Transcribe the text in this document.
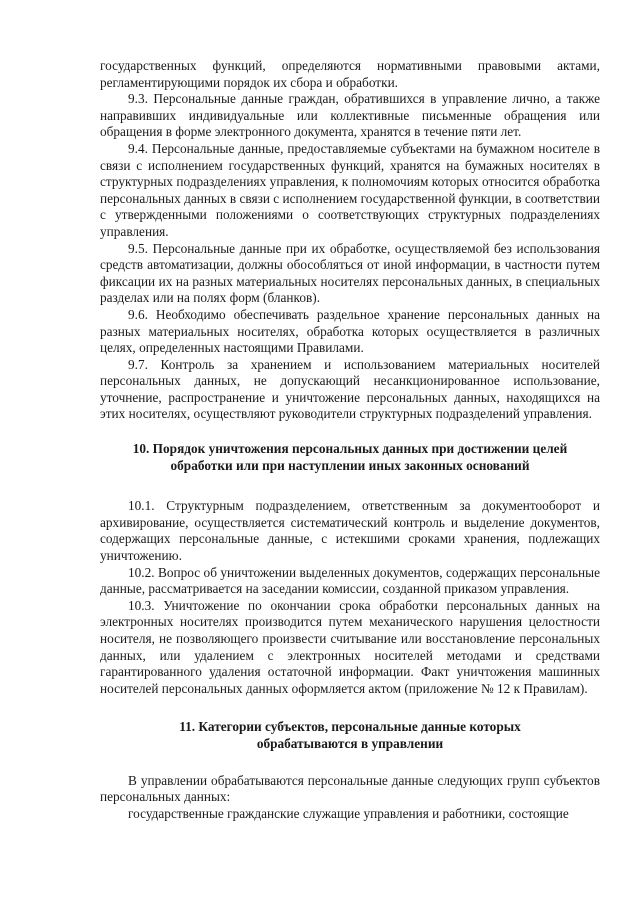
государственных функций, определяются нормативными правовыми актами, регламентирующими порядок их сбора и обработки.

9.3. Персональные данные граждан, обратившихся в управление лично, а также направивших индивидуальные или коллективные письменные обращения или обращения в форме электронного документа, хранятся в течение пяти лет.

9.4. Персональные данные, предоставляемые субъектами на бумажном носителе в связи с исполнением государственных функций, хранятся на бумажных носителях в структурных подразделениях управления, к полномочиям которых относится обработка персональных данных в связи с исполнением государственной функции, в соответствии с утвержденными положениями о соответствующих структурных подразделениях управления.

9.5. Персональные данные при их обработке, осуществляемой без использования средств автоматизации, должны обособляться от иной информации, в частности путем фиксации их на разных материальных носителях персональных данных, в специальных разделах или на полях форм (бланков).

9.6. Необходимо обеспечивать раздельное хранение персональных данных на разных материальных носителях, обработка которых осуществляется в различных целях, определенных настоящими Правилами.

9.7. Контроль за хранением и использованием материальных носителей персональных данных, не допускающий несанкционированное использование, уточнение, распространение и уничтожение персональных данных, находящихся на этих носителях, осуществляют руководители структурных подразделений управления.

10. Порядок уничтожения персональных данных при достижении целей обработки или при наступлении иных законных оснований

10.1. Структурным подразделением, ответственным за документооборот и архивирование, осуществляется систематический контроль и выделение документов, содержащих персональные данные, с истекшими сроками хранения, подлежащих уничтожению.

10.2. Вопрос об уничтожении выделенных документов, содержащих персональные данные, рассматривается на заседании комиссии, созданной приказом управления.

10.3. Уничтожение по окончании срока обработки персональных данных на электронных носителях производится путем механического нарушения целостности носителя, не позволяющего произвести считывание или восстановление персональных данных, или удалением с электронных носителей методами и средствами гарантированного удаления остаточной информации. Факт уничтожения машинных носителей персональных данных оформляется актом (приложение № 12 к Правилам).

11. Категории субъектов, персональные данные которых обрабатываются в управлении

В управлении обрабатываются персональные данные следующих групп субъектов персональных данных:

государственные гражданские служащие управления и работники, состоящие
